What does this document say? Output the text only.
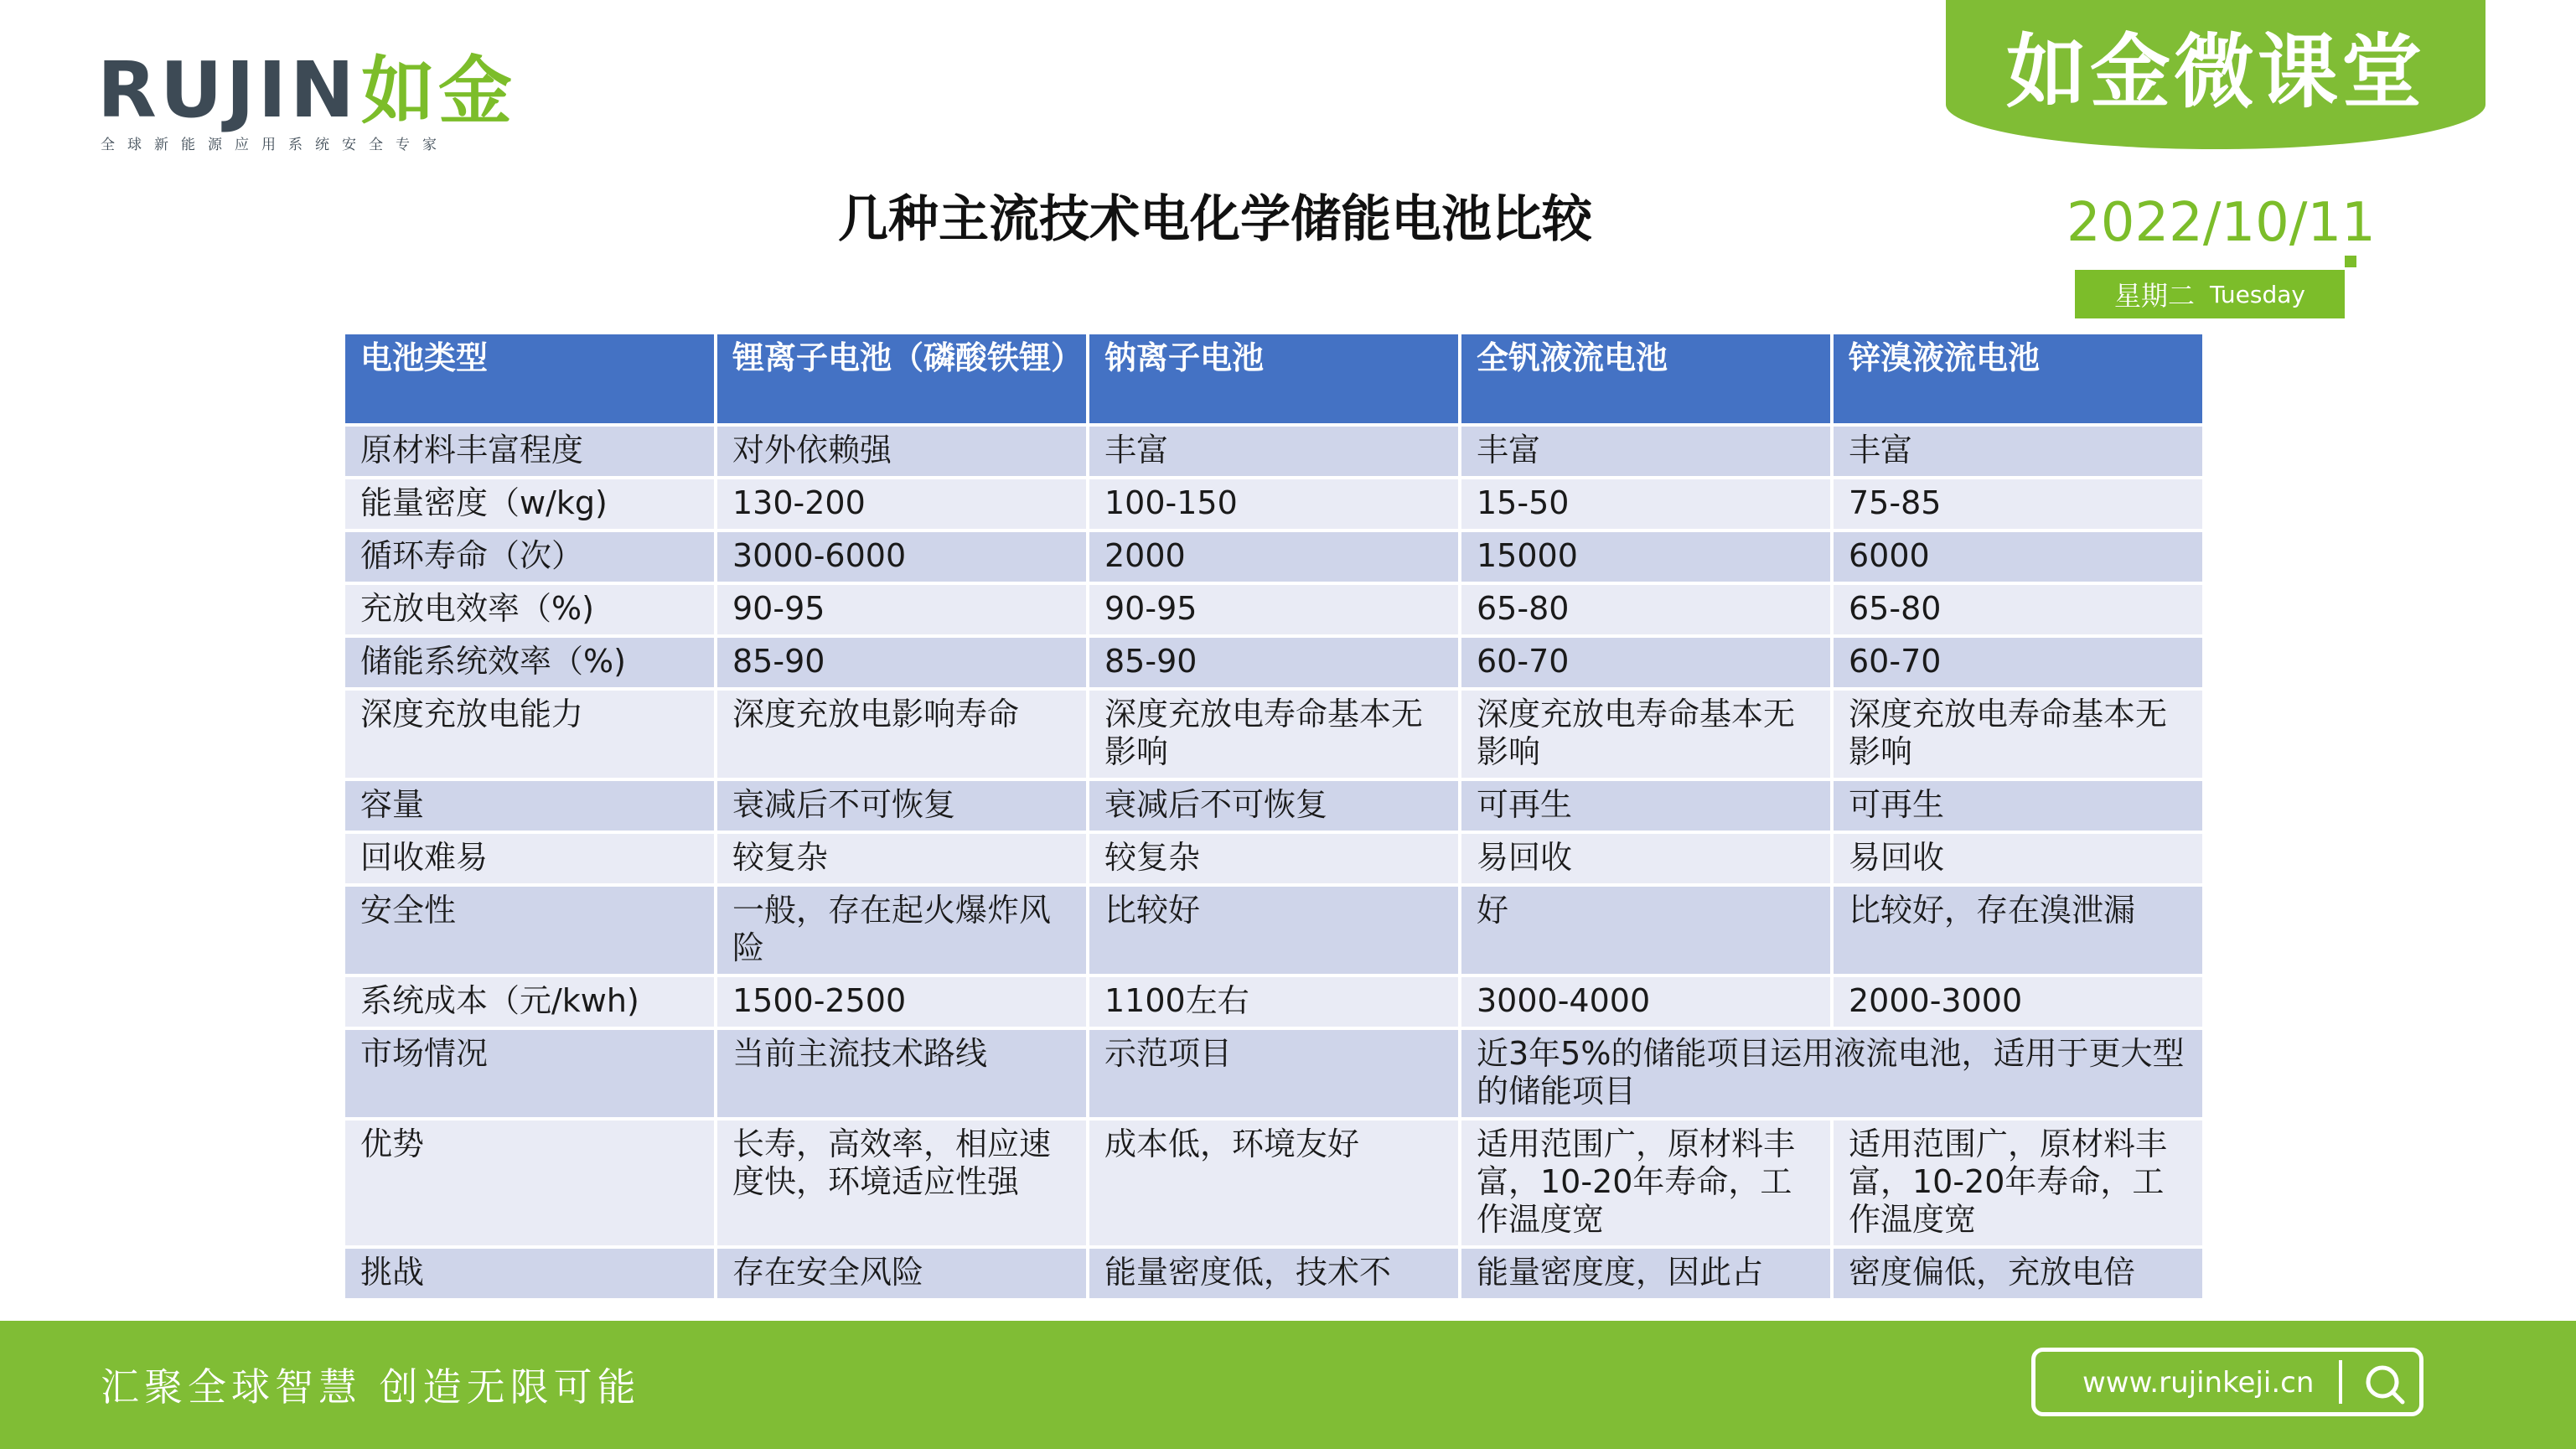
RUJIN如金
全球新能源应用系统安全专家
如金微课堂
几种主流技术电化学储能电池比较	2022/10/11
星期二 Tuesday
电池类型	锂离子电池（磷酸铁锂）	钠离子电池	全钒液流电池	锌溴液流电池
原材料丰富程度	对外依赖强	丰富	丰富	丰富
能量密度（w/kg)	130-200	100-150	15-50	75-85
循环寿命（次）	3000-6000	2000	15000	6000
充放电效率（%)	90-95	90-95	65-80	65-80
储能系统效率（%)	85-90	85-90	60-70	60-70
深度充放电能力	深度充放电影响寿命	深度充放电寿命基本无影响	深度充放电寿命基本无影响	深度充放电寿命基本无影响
容量	衰减后不可恢复	衰减后不可恢复	可再生	可再生
回收难易	较复杂	较复杂	易回收	易回收
安全性	一般，存在起火爆炸风险	比较好	好	比较好，存在溴泄漏
系统成本（元/kwh)	1500-2500	1100左右	3000-4000	2000-3000
市场情况	当前主流技术路线	示范项目	近3年5%的储能项目运用液流电池，适用于更大型的储能项目	
优势	长寿，高效率，相应速度快，环境适应性强	成本低，环境友好	适用范围广，原材料丰富，10-20年寿命，工作温度宽	适用范围广，原材料丰富，10-20年寿命，工作温度宽
挑战	存在安全风险	能量密度低，技术不	能量密度度，因此占	密度偏低，充放电倍
汇聚全球智慧 创造无限可能	www.rujinkeji.cn
